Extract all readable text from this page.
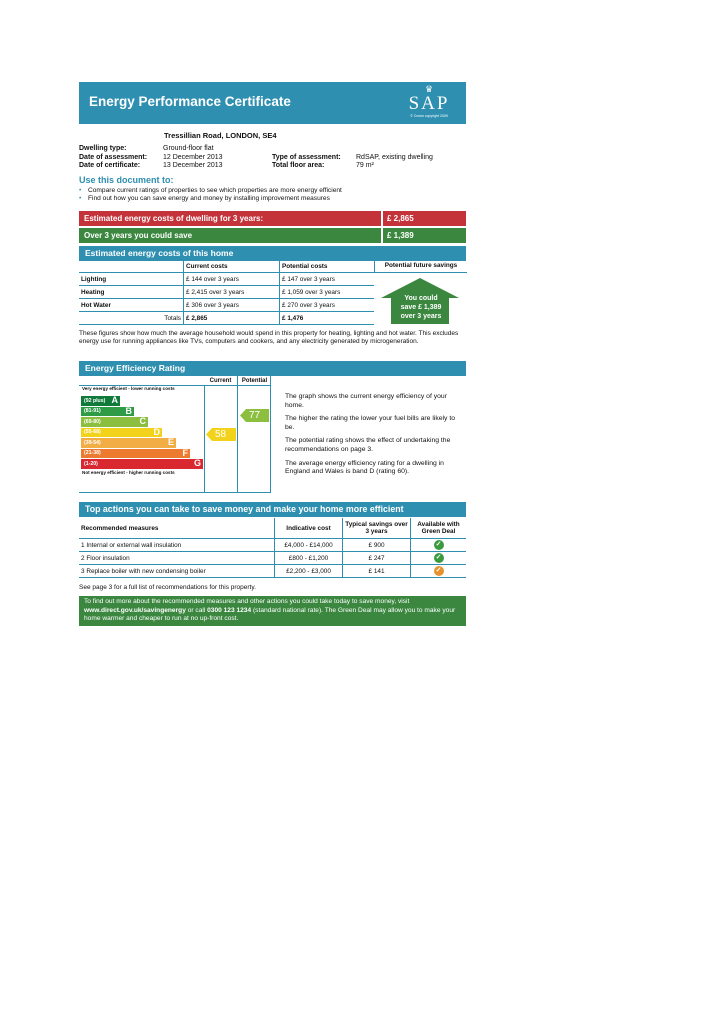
Energy Performance Certificate
♛
SAP
© Crown copyright 2009
Tressillian Road, LONDON, SE4
Dwelling type:	Ground-floor flat
Date of assessment: 12 December 2013
Date of certificate:	13 December 2013
Type of assessment: RdSAP, existing dwelling
Total floor area:	79 m²
Use this document to:
• Compare current ratings of properties to see which properties are more energy efficient
• Find out how you can save energy and money by installing improvement measures
Estimated energy costs of dwelling for 3 years:	£ 2,865
Over 3 years you could save	£ 1,389
Estimated energy costs of this home
	Current costs	Potential costs
Lighting	£ 144 over 3 years	£ 147 over 3 years
Heating	£ 2,415 over 3 years	£ 1,059 over 3 years
Hot Water	£ 306 over 3 years	£ 270 over 3 years
Totals	£ 2,865	£ 1,476
Potential future savings
You could save £ 1,389 over 3 years
These figures show how much the average household would spend in this property for heating, lighting and hot water. This excludes energy use for running appliances like TVs, computers and cookers, and any electricity generated by microgeneration.
Energy Efficiency Rating
Current	Potential
Very energy efficient - lower running costs
(92 plus) A
(81-91)	B
(69-80)	C
(55-68)	D
(39-54)	E
(21-38)	F
(1-20)	G
Not energy efficient - higher running costs
58
77

The graph shows the current energy efficiency of your home.

The higher the rating the lower your fuel bills are likely to be.

The potential rating shows the effect of undertaking the recommendations on page 3.

The average energy efficiency rating for a dwelling in England and Wales is band D (rating 60).

Top actions you can take to save money and make your home more efficient
Recommended measures	Indicative cost	Typical savings over 3 years	Available with Green Deal
1 Internal or external wall insulation	£4,000 - £14,000	£ 900	✓
2 Floor insulation	£800 - £1,200	£ 247	✓
3 Replace boiler with new condensing boiler	£2,200 - £3,000	£ 141	✓
See page 3 for a full list of recommendations for this property.
To find out more about the recommended measures and other actions you could take today to save money, visit www.direct.gov.uk/savingenergy or call 0300 123 1234 (standard national rate). The Green Deal may allow you to make your home warmer and cheaper to run at no up-front cost.
